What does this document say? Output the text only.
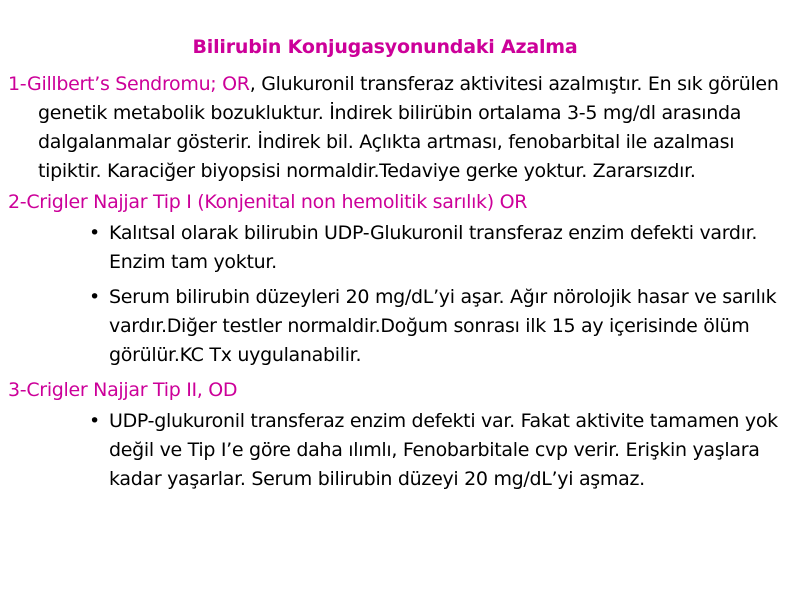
Bilirubin Konjugasyonundaki Azalma

1-Gillbert’s Sendromu; OR, Glukuronil transferaz aktivitesi azalmıştır. En sık görülen genetik metabolik bozukluktur. İndirek bilirübin ortalama 3-5 mg/dl arasında dalgalanmalar gösterir. İndirek bil. Açlıkta artması, fenobarbital ile azalması tipiktir. Karaciğer biyopsisi normaldir.Tedaviye gerke yoktur. Zararsızdır.

2-Crigler Najjar Tip I (Konjenital non hemolitik sarılık) OR

• Kalıtsal olarak bilirubin UDP-Glukuronil transferaz enzim defekti vardır. Enzim tam yoktur.
• Serum bilirubin düzeyleri 20 mg/dL’yi aşar. Ağır nörolojik hasar ve sarılık vardır.Diğer testler normaldir.Doğum sonrası ilk 15 ay içerisinde ölüm görülür.KC Tx uygulanabilir.

3-Crigler Najjar Tip II, OD

• UDP-glukuronil transferaz enzim defekti var. Fakat aktivite tamamen yok değil ve Tip I’e göre daha ılımlı, Fenobarbitale cvp verir. Erişkin yaşlara kadar yaşarlar. Serum bilirubin düzeyi 20 mg/dL’yi aşmaz.
